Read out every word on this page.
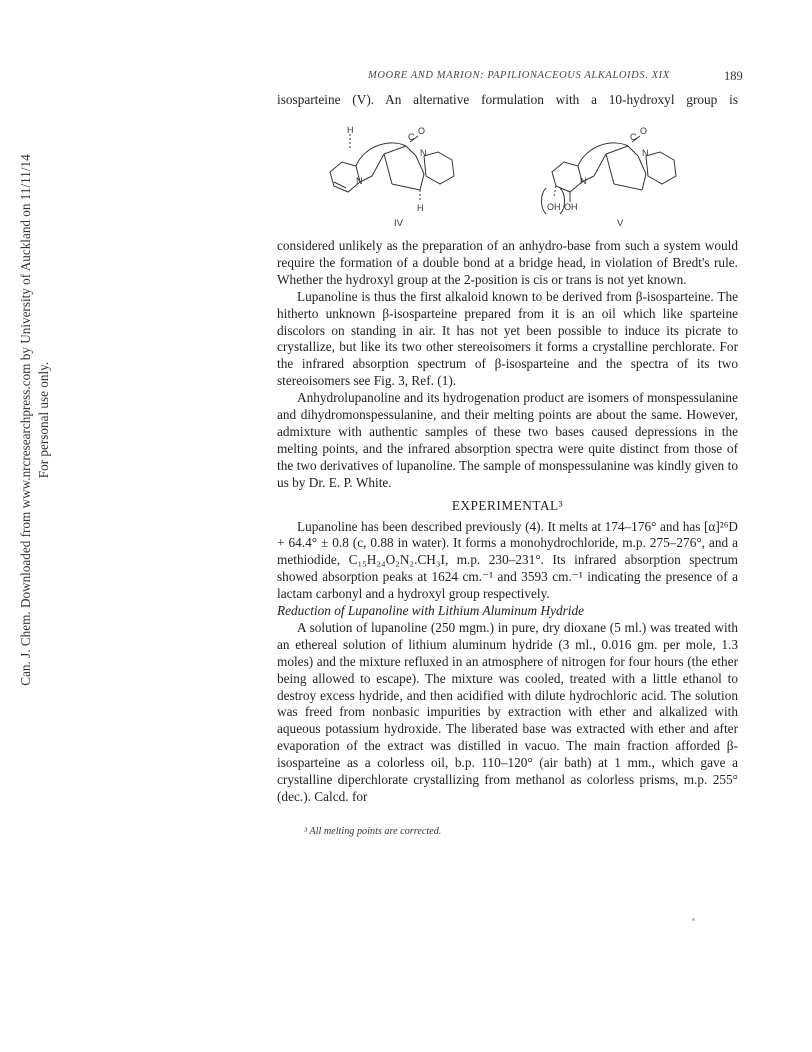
Can. J. Chem. Downloaded from www.nrcresearchpress.com by University of Auckland on 11/11/14 For personal use only.
MOORE AND MARION: PAPILIONACEOUS ALKALOIDS. XIX	189

isosparteine (V). An alternative formulation with a 10-hydroxyl group is

H
C
O
N
N
H
C
O
N
N
OH OH
IV	V

considered unlikely as the preparation of an anhydro-base from such a system would require the formation of a double bond at a bridge head, in violation of Bredt's rule. Whether the hydroxyl group at the 2-position is cis or trans is not yet known.

Lupanoline is thus the first alkaloid known to be derived from β-isosparteine. The hitherto unknown β-isosparteine prepared from it is an oil which like sparteine discolors on standing in air. It has not yet been possible to induce its picrate to crystallize, but like its two other stereoisomers it forms a crystalline perchlorate. For the infrared absorption spectrum of β-isosparteine and the spectra of its two stereoisomers see Fig. 3, Ref. (1).

Anhydrolupanoline and its hydrogenation product are isomers of monspessulanine and dihydromonspessulanine, and their melting points are about the same. However, admixture with authentic samples of these two bases caused depressions in the melting points, and the infrared absorption spectra were quite distinct from those of the two derivatives of lupanoline. The sample of monspessulanine was kindly given to us by Dr. E. P. White.

EXPERIMENTAL³

Lupanoline has been described previously (4). It melts at 174–176° and has [α]²⁶D + 64.4° ± 0.8 (c, 0.88 in water). It forms a monohydrochloride, m.p. 275–276°, and a methiodide, C₁₅H₂₄O₂N₂.CH₃I, m.p. 230–231°. Its infrared absorption spectrum showed absorption peaks at 1624 cm.⁻¹ and 3593 cm.⁻¹ indicating the presence of a lactam carbonyl and a hydroxyl group respectively.

Reduction of Lupanoline with Lithium Aluminum Hydride

A solution of lupanoline (250 mgm.) in pure, dry dioxane (5 ml.) was treated with an ethereal solution of lithium aluminum hydride (3 ml., 0.016 gm. per mole, 1.3 moles) and the mixture refluxed in an atmosphere of nitrogen for four hours (the ether being allowed to escape). The mixture was cooled, treated with a little ethanol to destroy excess hydride, and then acidified with dilute hydrochloric acid. The solution was freed from nonbasic impurities by extraction with ether and alkalized with aqueous potassium hydroxide. The liberated base was extracted with ether and after evaporation of the extract was distilled in vacuo. The main fraction afforded β-isosparteine as a colorless oil, b.p. 110–120° (air bath) at 1 mm., which gave a crystalline diperchlorate crystallizing from methanol as colorless prisms, m.p. 255° (dec.). Calcd. for

³ All melting points are corrected.
